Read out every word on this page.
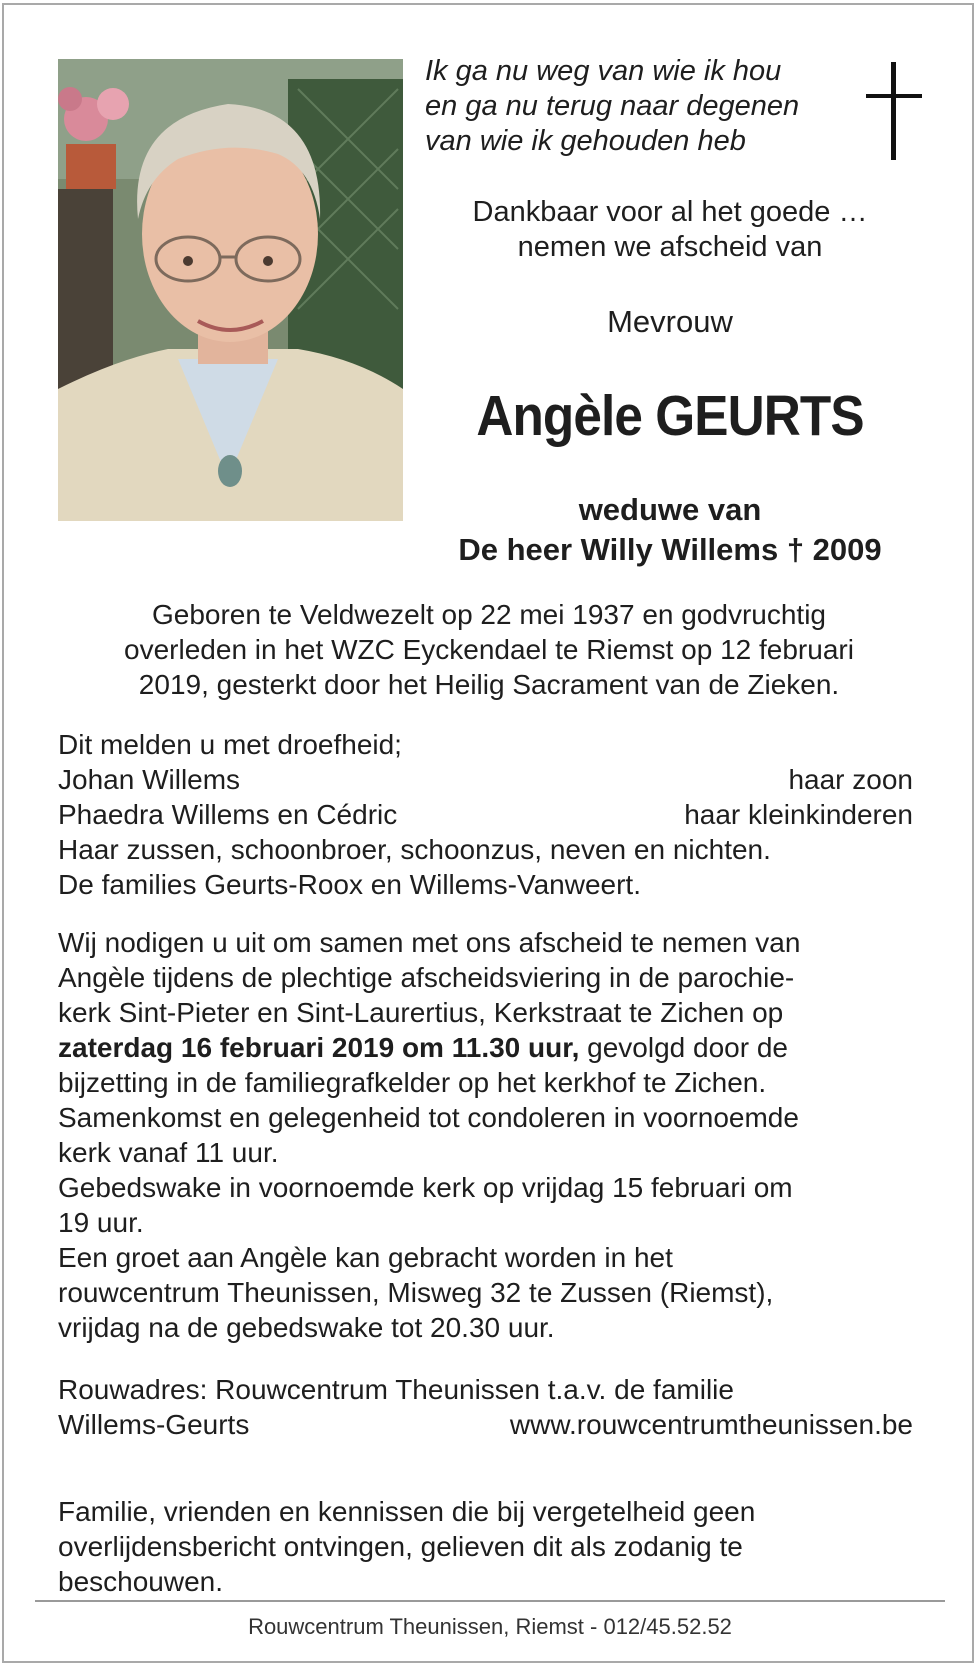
Ik ga nu weg van wie ik hou
en ga nu terug naar degenen
van wie ik gehouden heb
Dankbaar voor al het goede …
nemen we afscheid van
Mevrouw
Angèle GEURTS
weduwe van
De heer Willy Willems † 2009
Geboren te Veldwezelt op 22 mei 1937 en godvruchtig
overleden in het WZC Eyckendael te Riemst op 12 februari
2019, gesterkt door het Heilig Sacrament van de Zieken.
Dit melden u met droefheid;
Johan Willems	haar zoon
Phaedra Willems en Cédric	haar kleinkinderen
Haar zussen, schoonbroer, schoonzus, neven en nichten.
De families Geurts-Roox en Willems-Vanweert.
Wij nodigen u uit om samen met ons afscheid te nemen van
Angèle tijdens de plechtige afscheidsviering in de parochie-
kerk Sint-Pieter en Sint-Laurertius, Kerkstraat te Zichen op
zaterdag 16 februari 2019 om 11.30 uur, gevolgd door de
bijzetting in de familiegrafkelder op het kerkhof te Zichen.
Samenkomst en gelegenheid tot condoleren in voornoemde
kerk vanaf 11 uur.
Gebedswake in voornoemde kerk op vrijdag 15 februari om
19 uur.
Een groet aan Angèle kan gebracht worden in het
rouwcentrum Theunissen, Misweg 32 te Zussen (Riemst),
vrijdag na de gebedswake tot 20.30 uur.
Rouwadres: Rouwcentrum Theunissen t.a.v. de familie
Willems-Geurts	www.rouwcentrumtheunissen.be
Familie, vrienden en kennissen die bij vergetelheid geen
overlijdensbericht ontvingen, gelieven dit als zodanig te
beschouwen.
Rouwcentrum Theunissen, Riemst - 012/45.52.52
